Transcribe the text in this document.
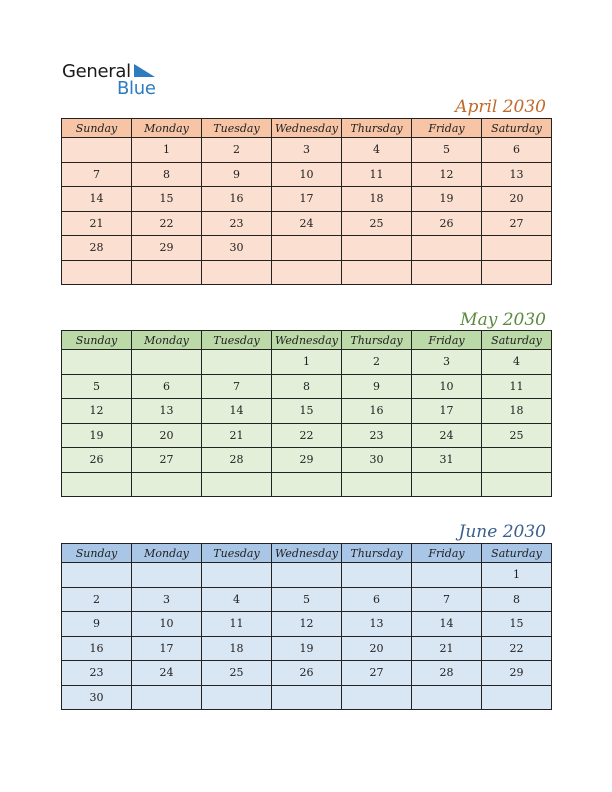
General
Blue
April 2030
Sunday	Monday	Tuesday	Wednesday	Thursday	Friday	Saturday
	1	2	3	4	5	6
7	8	9	10	11	12	13
14	15	16	17	18	19	20
21	22	23	24	25	26	27
28	29	30				

May 2030
Sunday	Monday	Tuesday	Wednesday	Thursday	Friday	Saturday
			1	2	3	4
5	6	7	8	9	10	11
12	13	14	15	16	17	18
19	20	21	22	23	24	25
26	27	28	29	30	31	

June 2030
Sunday	Monday	Tuesday	Wednesday	Thursday	Friday	Saturday
						1
2	3	4	5	6	7	8
9	10	11	12	13	14	15
16	17	18	19	20	21	22
23	24	25	26	27	28	29
30						
